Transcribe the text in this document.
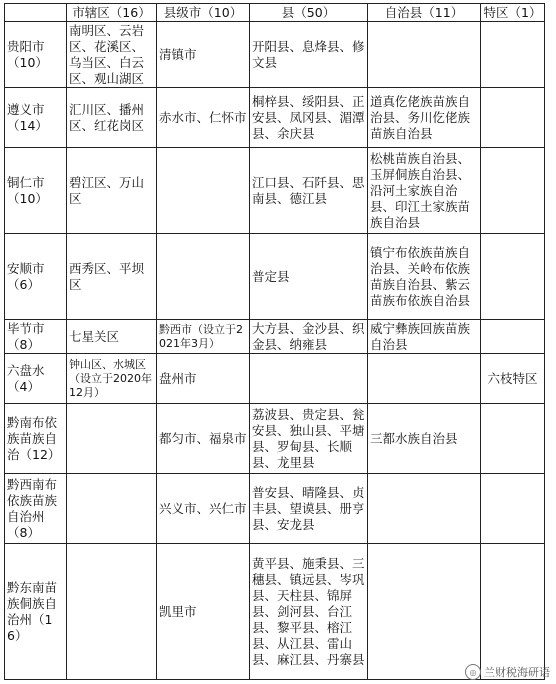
	市辖区（16）	县级市（10）	县（50）	自治县（11）	特区（1）
贵阳市（10）	南明区、云岩区、花溪区、乌当区、白云区、观山湖区	清镇市	开阳县、息烽县、修文县		
遵义市（14）	汇川区、播州区、红花岗区	赤水市、仁怀市	桐梓县、绥阳县、正安县、凤冈县、湄潭县、余庆县	道真仡佬族苗族自治县、务川仡佬族苗族自治县	
铜仁市（10）	碧江区、万山区		江口县、石阡县、思南县、德江县	松桃苗族自治县、玉屏侗族自治县、沿河土家族自治县、印江土家族苗族自治县	
安顺市（6）	西秀区、平坝区		普定县	镇宁布依族苗族自治县、关岭布依族苗族自治县、紫云苗族布依族自治县	
毕节市（8）	七星关区	黔西市（设立于2021年3月）	大方县、金沙县、织金县、纳雍县	威宁彝族回族苗族自治县	
六盘水（4）	钟山区、水城区（设立于2020年12月）	盘州市			六枝特区
黔南布依族苗族自治（12）		都匀市、福泉市	荔波县、贵定县、瓮安县、独山县、平塘县、罗甸县、长顺县、龙里县	三都水族自治县	
黔西南布依族苗族自治州（8）		兴义市、兴仁市	普安县、晴隆县、贞丰县、望谟县、册亨县、安龙县		
黔东南苗族侗族自治州（16）		凯里市	黄平县、施秉县、三穗县、镇远县、岑巩县、天柱县、锦屏县、剑河县、台江县、黎平县、榕江县、从江县、雷山县、麻江县、丹寨县		
◎ 兰财税海研语
